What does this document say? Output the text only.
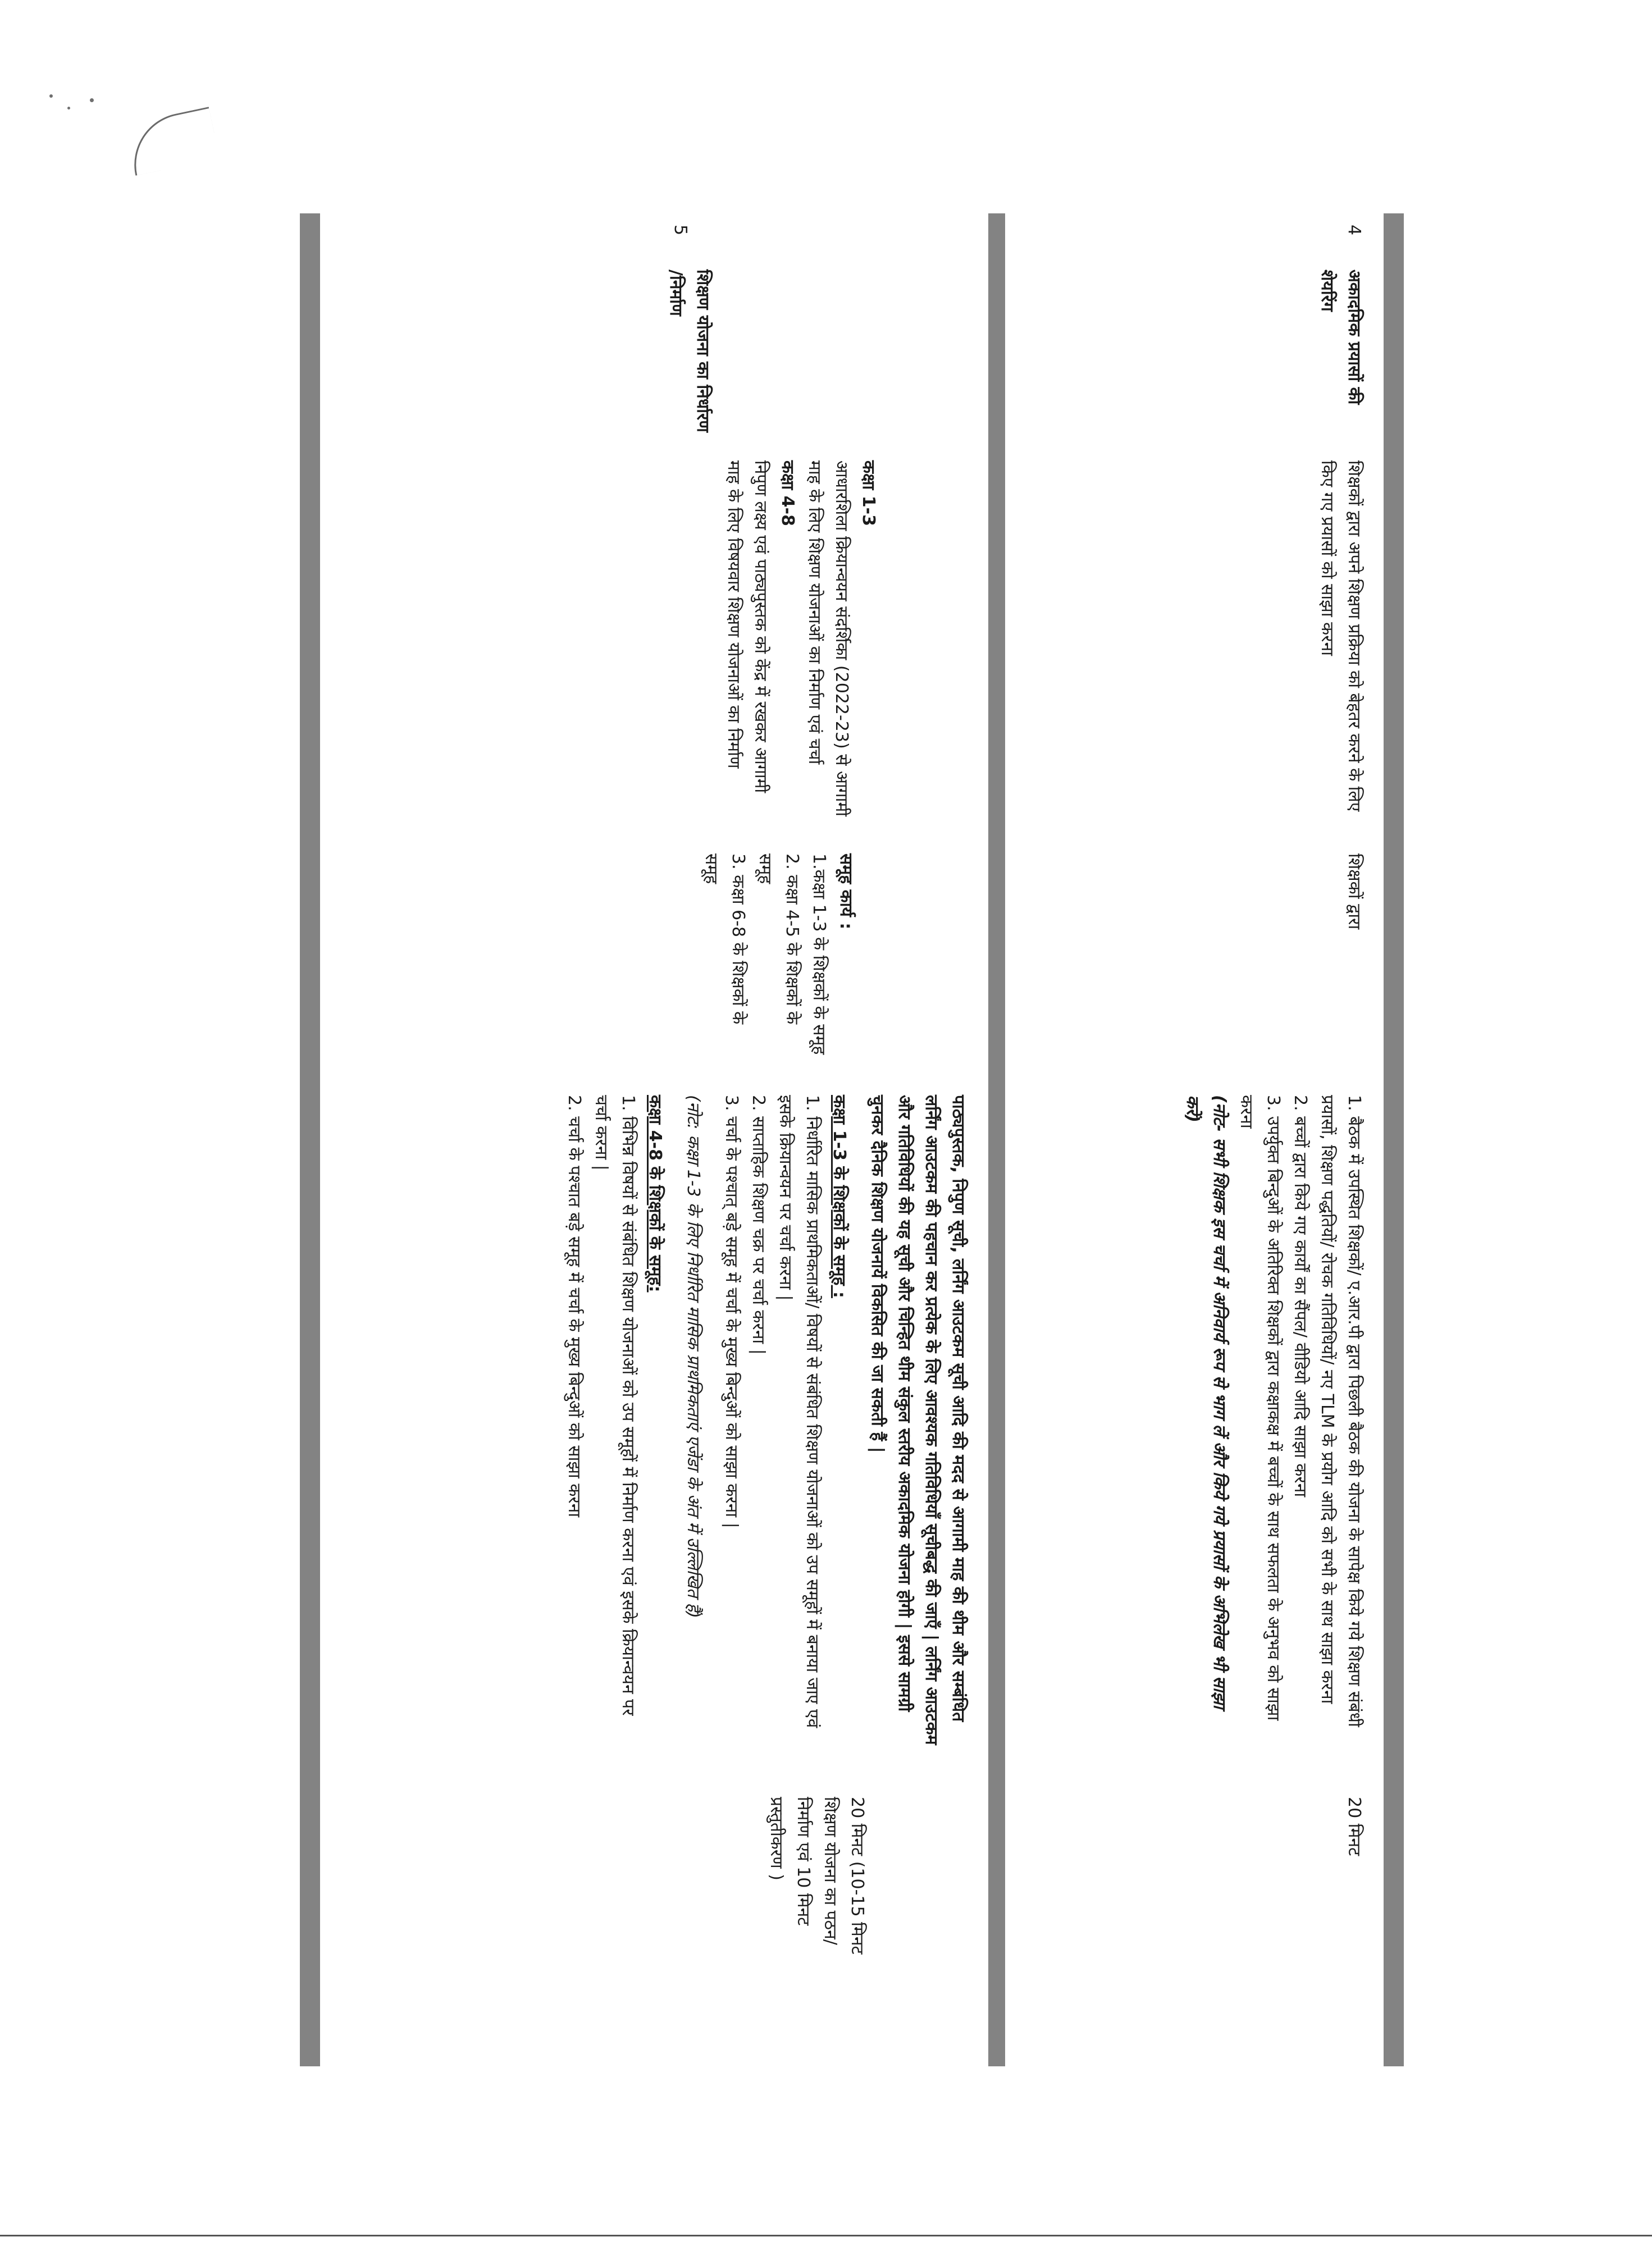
4
अकादमिक प्रयासों की शेयरिंग
शिक्षकों द्वारा अपने शिक्षण प्रक्रिया को बेहतर करने के लिए किए गए प्रयासों को साझा करना
शिक्षकों द्वारा

1. बैठक में उपस्थित शिक्षकों/ ए.आर.पी द्वारा पिछली बैठक की योजना के सापेक्ष किये गये शिक्षण संबंधी प्रयासों, शिक्षण पद्धतियों/ रोचक गतिविधियों/ नए TLM के प्रयोग आदि को सभी के साथ साझा करना

2. बच्चों द्वारा किये गए कार्यों का सैंपल/ वीडियो आदि साझा करना

3. उपर्युक्त बिन्दुओं के अतिरिक्त शिक्षकों द्वारा कक्षाकक्ष में बच्चों के साथ सफलता के अनुभव को साझा करना

(नोट- सभी शिक्षक इस चर्चा में अनिवार्य रूप से भाग लें और किये गये प्रयासों के अभिलेख भी साझा करें)

20 मिनट
5
शिक्षण योजना का निर्धारण /निर्माण

कक्षा 1-3

आधारशिला क्रियान्वयन संदर्शिका (2022-23) से आगामी माह के लिए शिक्षण योजनाओं का निर्माण एवं चर्चा

कक्षा 4-8

निपुण लक्ष्य एवं पाठ्यपुस्तक को केंद्र में रखकर आगामी माह के लिए विषयवार शिक्षण योजनाओं का निर्माण

समूह कार्य :

1.कक्षा 1-3 के शिक्षकों के समूह

2. कक्षा 4-5 के शिक्षकों के समूह

3. कक्षा 6-8 के शिक्षकों के समूह

पाठ्यपुस्तक, निपुण सूची, लर्निंग आउटकम सूची आदि की मदद से आगामी माह की थीम और सम्बंधित लर्निंग आउटकम की पहचान कर प्रत्येक के लिए आवश्यक गतिविधियाँ सूचीबद्ध की जाएँ | लर्निंग आउटकम और गतिविधियों की यह सूची और चिन्हित थीम संकुल स्तरीय अकादमिक योजना होगी | इससे सामग्री चुनकर दैनिक शिक्षण योजनायें विकसित की जा सकती हैं |

कक्षा 1-3 के शिक्षकों के समूह :

1. निर्धारित मासिक प्राथमिकताओं/ विषयों से संबंधित शिक्षण योजनाओं को उप समूहों में बनाया जाए एवं इसके क्रियान्वयन पर चर्चा करना |

2. साप्ताहिक शिक्षण चक्र पर चर्चा करना |

3. चर्चा के पश्चात् बड़े समूह में चर्चा के मुख्य बिन्दुओं को साझा करना |

(नोट: कक्षा 1-3 के लिए निर्धारित मासिक प्राथमिकताएं एजेंडा के अंत में उल्लिखित हैं)

कक्षा 4-8 के शिक्षकों के समूह:

1. विभिन्न विषयों से संबंधित शिक्षण योजनाओं को उप समूहों में निर्माण करना एवं इसके क्रियान्वयन पर चर्चा करना |

2. चर्चा के पश्चात बड़े समूह में चर्चा के मुख्य बिन्दुओं को साझा करना

20 मिनट (10-15 मिनट शिक्षण योजना का पठन/निर्माण एवं 10 मिनट प्रस्तुतीकरण )
